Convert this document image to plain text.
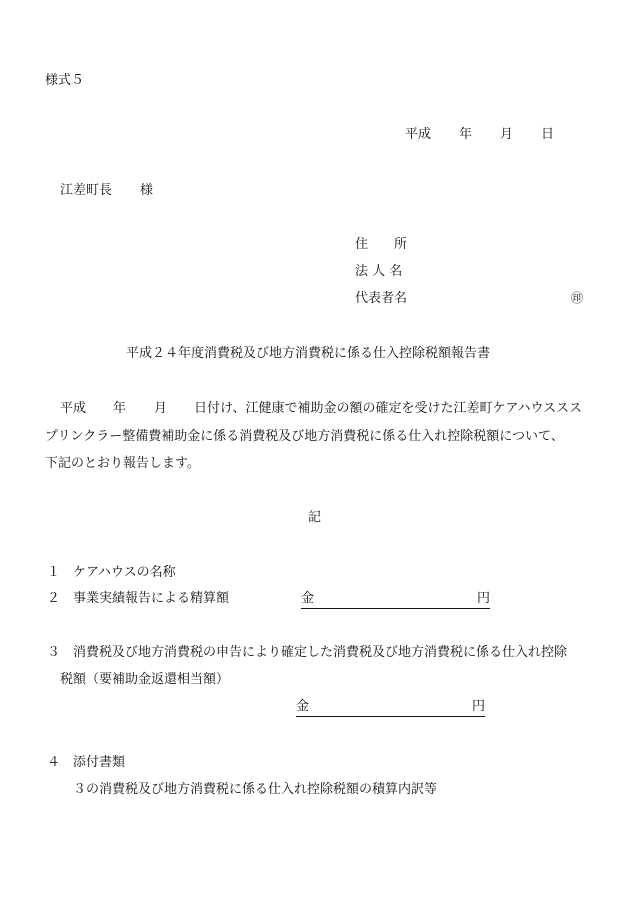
様式５
平成 年 月 日
江差町長 様
住　　所
法 人 名
代表者名	㊞
平成２４年度消費税及び地方消費税に係る仕入控除税額報告書
平成 年 月 日付け、江健康で補助金の額の確定を受けた江差町ケアハウススス
プリンクラー整備費補助金に係る消費税及び地方消費税に係る仕入れ控除税額について、
下記のとおり報告します。
記
１ ケアハウスの名称
２ 事業実績報告による精算額	金	円
３ 消費税及び地方消費税の申告により確定した消費税及び地方消費税に係る仕入れ控除
税額（要補助金返還相当額）
金	円
４ 添付書類
３の消費税及び地方消費税に係る仕入れ控除税額の積算内訳等
